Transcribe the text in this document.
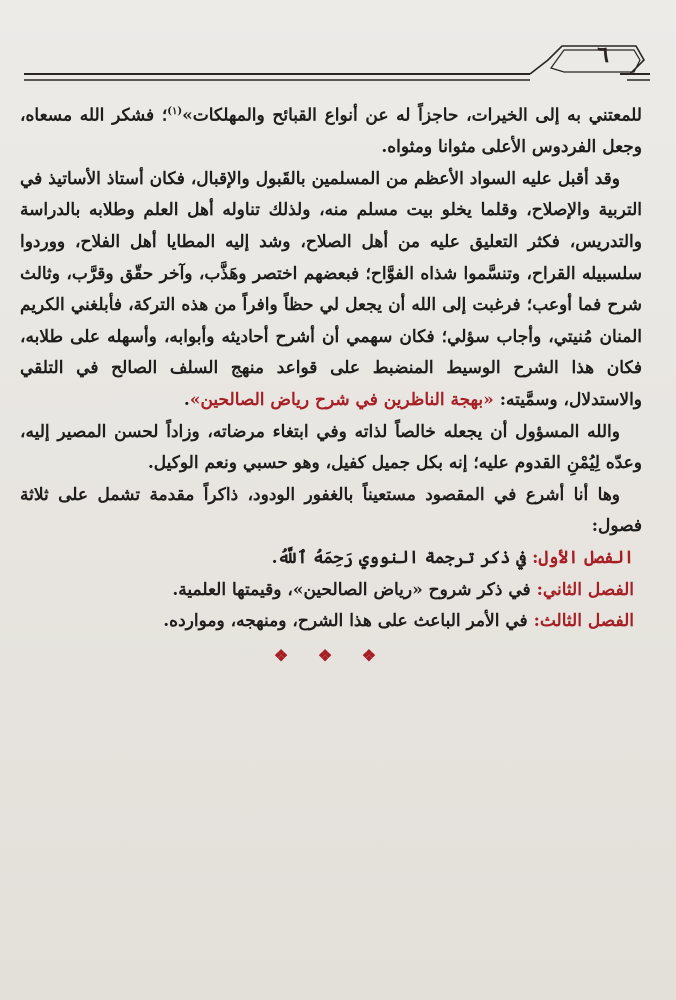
٦

للمعتني به إلى الخيرات، حاجزاً له عن أنواع القبائح والمهلكات»$^{(١)}$؛ فشكر الله مسعاه، وجعل الفردوس الأعلى مثوانا ومثواه.

وقد أقبل عليه السواد الأعظم من المسلمين بالقَبول والإقبال، فكان أستاذ الأساتيذ في التربية والإصلاح، وقلما يخلو بيت مسلم منه، ولذلك تناوله أهل العلم وطلابه بالدراسة والتدريس، فكثر التعليق عليه من أهل الصلاح، وشد إليه المطايا أهل الفلاح، ووردوا سلسبيله القراح، وتنسَّموا شذاه الفوَّاح؛ فبعضهم اختصر وهَذَّب، وآخر حقّق وقرَّب، وثالث شرح فما أوعب؛ فرغبت إلى الله أن يجعل لي حظاً وافراً من هذه التركة، فأبلغني الكريم المنان مُنيتي، وأجاب سؤلي؛ فكان سهمي أن أشرح أحاديثه وأبوابه، وأسهله على طلابه، فكان هذا الشرح الوسيط المنضبط على قواعد منهج السلف الصالح في التلقي والاستدلال، وسمَّيته: «بهجة الناظرين في شرح رياض الصالحين».

والله المسؤول أن يجعله خالصاً لذاته وفي ابتغاء مرضاته، وزاداً لحسن المصير إليه، وعدّه لِيُمْنِ القدوم عليه؛ إنه بكل جميل كفيل، وهو حسبي ونعم الوكيل.

وها أنا أشرع في المقصود مستعيناً بالغفور الودود، ذاكراً مقدمة تشمل على ثلاثة فصول:

الفصل الأول: في ذكر ترجمة النووي رَحِمَهُ ٱللَّهُ.

الفصل الثاني: في ذكر شروح «رياض الصالحين»، وقيمتها العلمية.

الفصل الثالث: في الأمر الباعث على هذا الشرح، ومنهجه، وموارده.

❖ ❖ ❖
